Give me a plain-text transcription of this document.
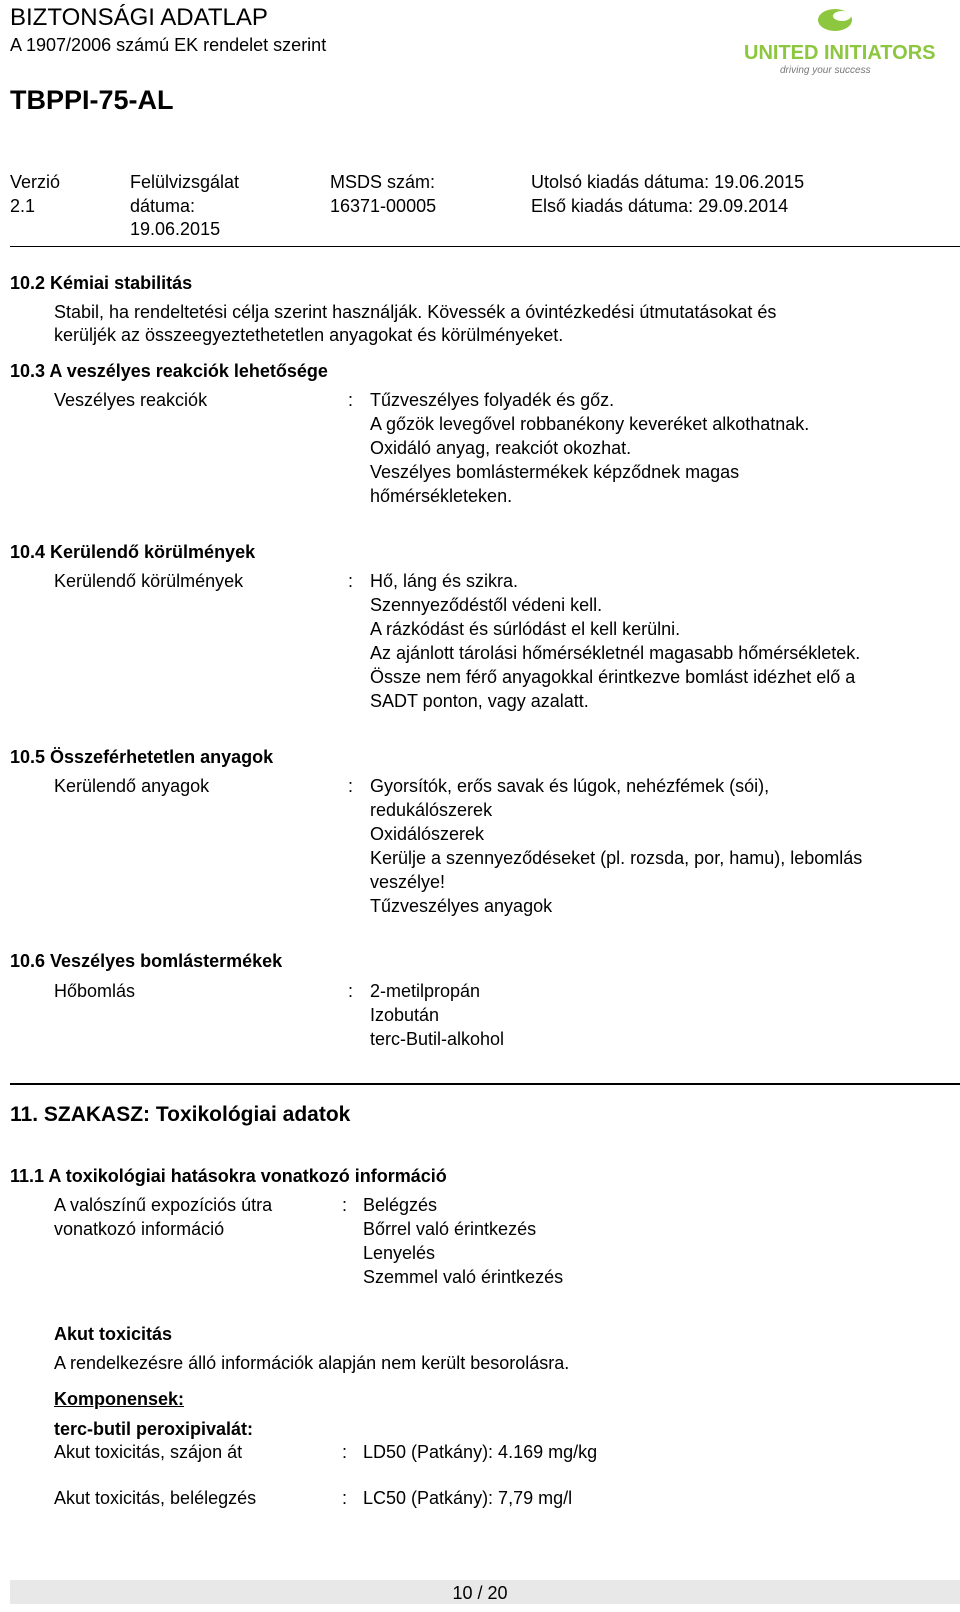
BIZTONSÁGI ADATLAP
A 1907/2006 számú EK rendelet szerint
TBPPI-75-AL
UNITED INITIATORS
driving your success
Verzió
2.1
Felülvizsgálat
dátuma:
19.06.2015
MSDS szám:
16371-00005
Utolsó kiadás dátuma: 19.06.2015
Első kiadás dátuma: 29.09.2014
10.2 Kémiai stabilitás
Stabil, ha rendeltetési célja szerint használják. Kövessék a óvintézkedési útmutatásokat és
kerüljék az összeegyeztethetetlen anyagokat és körülményeket.
10.3 A veszélyes reakciók lehetősége
Veszélyes reakciók	: Tűzveszélyes folyadék és gőz.
A gőzök levegővel robbanékony keveréket alkothatnak.
Oxidáló anyag, reakciót okozhat.
Veszélyes bomlástermékek képződnek magas
hőmérsékleteken.
10.4 Kerülendő körülmények
Kerülendő körülmények	: Hő, láng és szikra.
Szennyeződéstől védeni kell.
A rázkódást és súrlódást el kell kerülni.
Az ajánlott tárolási hőmérsékletnél magasabb hőmérsékletek.
Össze nem férő anyagokkal érintkezve bomlást idézhet elő a
SADT ponton, vagy azalatt.
10.5 Összeférhetetlen anyagok
Kerülendő anyagok	: Gyorsítók, erős savak és lúgok, nehézfémek (sói),
redukálószerek
Oxidálószerek
Kerülje a szennyeződéseket (pl. rozsda, por, hamu), lebomlás
veszélye!
Tűzveszélyes anyagok
10.6 Veszélyes bomlástermékek
Hőbomlás	: 2-metilpropán
Izobután
terc-Butil-alkohol
11. SZAKASZ: Toxikológiai adatok
11.1 A toxikológiai hatásokra vonatkozó információ
A valószínű expozíciós útra
vonatkozó információ
: Belégzés
Bőrrel való érintkezés
Lenyelés
Szemmel való érintkezés
Akut toxicitás
A rendelkezésre álló információk alapján nem került besorolásra.
Komponensek:
terc-butil peroxipivalát:
Akut toxicitás, szájon át	: LD50 (Patkány): 4.169 mg/kg
Akut toxicitás, belélegzés	: LC50 (Patkány): 7,79 mg/l
10 / 20
